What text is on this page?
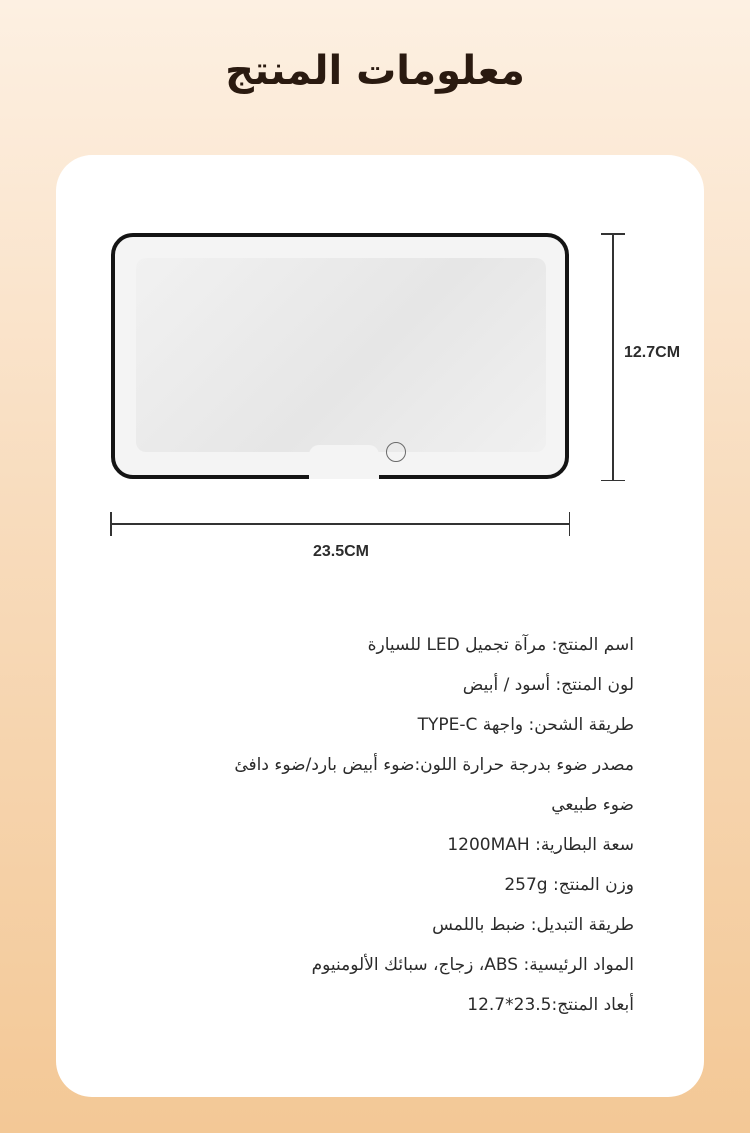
معلومات المنتج
12.7CM
23.5CM

اسم المنتج: مرآة تجميل LED للسيارة

لون المنتج: أسود / أبيض

طريقة الشحن: واجهة TYPE-C

مصدر ضوء بدرجة حرارة اللون:ضوء أبيض بارد/ضوء دافئ

ضوء طبيعي

سعة البطارية: 1200MAH

وزن المنتج: 257g

طريقة التبديل: ضبط باللمس

المواد الرئيسية: ABS، زجاج، سبائك الألومنيوم

أبعاد المنتج:23.5*12.7
